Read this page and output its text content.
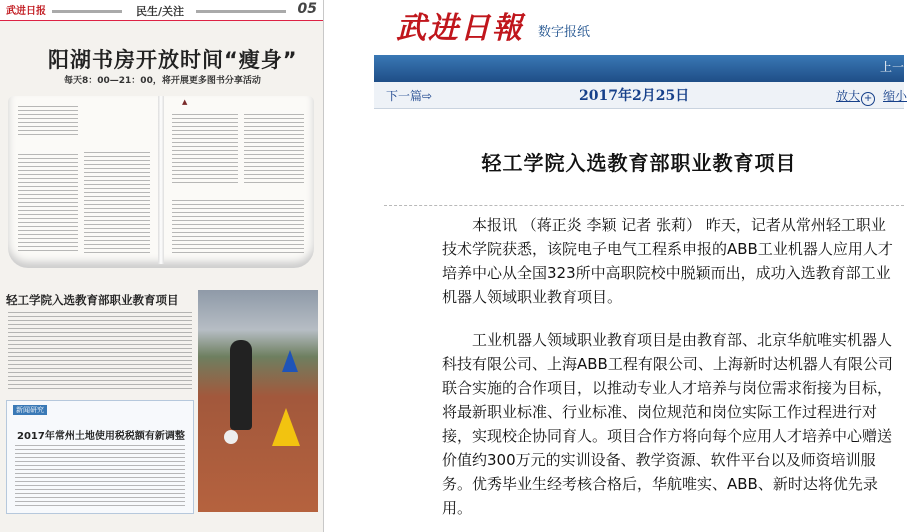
武进日报	民生/关注	05
阳湖书房开放时间“瘦身”
每天8：00—21：00，将开展更多图书分享活动
▲
轻工学院入选教育部职业教育项目
新闻研究
2017年常州土地使用税税额有新调整
武进日報 数字报纸
上一
下一篇⇨	2017年2月25日	放大 + 缩小
轻工学院入选教育部职业教育项目

本报讯 （蒋正炎 李颖 记者 张莉） 昨天，记者从常州轻工职业技术学院获悉，该院电子电气工程系申报的ABB工业机器人应用人才培养中心从全国323所中高职院校中脱颖而出，成功入选教育部工业机器人领域职业教育项目。

工业机器人领域职业教育项目是由教育部、北京华航唯实机器人科技有限公司、上海ABB工程有限公司、上海新时达机器人有限公司联合实施的合作项目，以推动专业人才培养与岗位需求衔接为目标，将最新职业标准、行业标准、岗位规范和岗位实际工作过程进行对接，实现校企协同育人。项目合作方将向每个应用人才培养中心赠送价值约300万元的实训设备、教学资源、软件平台以及师资培训服务。优秀毕业生经考核合格后，华航唯实、ABB、新时达将优先录用。
